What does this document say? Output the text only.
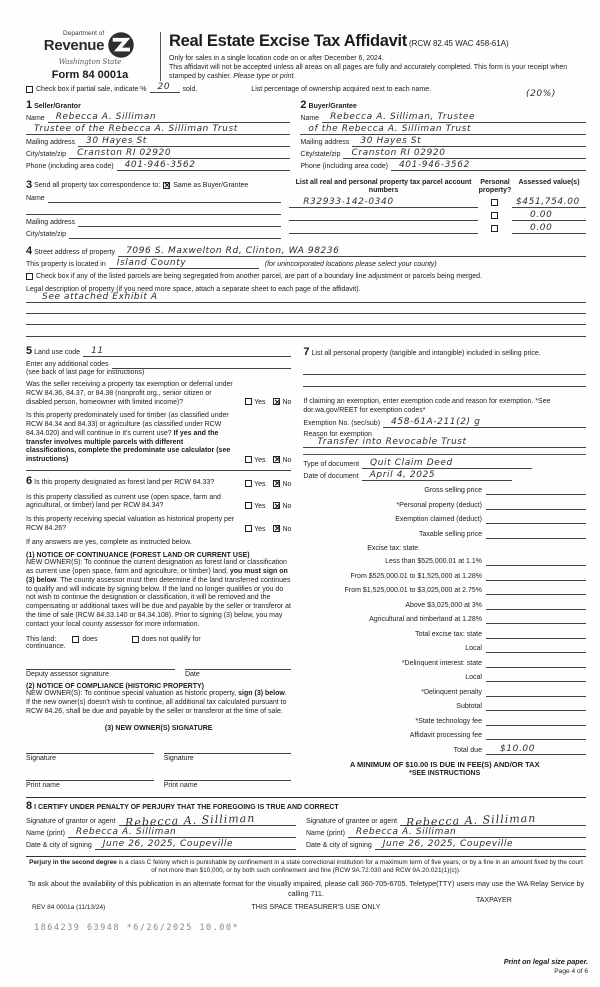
Department of
Revenue
Washington State
Form 84 0001a
Real Estate Excise Tax Affidavit (RCW 82.45 WAC 458-61A)
Only for sales in a single location code on or after December 6, 2024.
This affidavit will not be accepted unless all areas on all pages are fully and accurately completed. This form is your receipt when stamped by cashier. Please type or print.
Check box if partial sale, indicate % 20 sold.	List percentage of ownership acquired next to each name.
1 Seller/Grantor
Name Rebecca A. Silliman
Trustee of the Rebecca A. Silliman Trust
Mailing address 30 Hayes St
City/state/zip Cranston RI 02920
Phone (including area code) 401-946-3562
(20%)
2 Buyer/Grantee
Name Rebecca A. Silliman, Trustee
of the Rebecca A. Silliman Trust
Mailing address 30 Hayes St
City/state/zip Cranston RI 02920
Phone (including area code) 401-946-3562
3 Send all property tax correspondence to: ✕ Same as Buyer/Grantee
Name
Mailing address
City/state/zip
List all real and personal property tax parcel account numbers
Personal property?
Assessed value(s)
R32933-142-0340	$451,754.00
0.00
0.00
4 Street address of property 7096 S. Maxwelton Rd, Clinton, WA 98236
This property is located in Island County	(for unincorporated locations please select your county)
Check box if any of the listed parcels are being segregated from another parcel, are part of a boundary line adjustment or parcels being merged.
Legal description of property (if you need more space, attach a separate sheet to each page of the affidavit).
See attached Exhibit A
5 Land use code 11
Enter any additional codes
(see back of last page for instructions)
Was the seller receiving a property tax exemption or deferral under RCW 84.36, 84.37, or 84.38 (nonprofit org., senior citizen or disabled person, homeowner with limited income)?	Yes ✕ No
Is this property predominately used for timber (as classified under RCW 84.34 and 84.33) or agriculture (as classified under RCW 84.34.020) and will continue in it's current use? If yes and the transfer involves multiple parcels with different classifications, complete the predominate use calculator (see instructions)	Yes ✕ No
6 Is this property designated as forest land per RCW 84.33?	Yes ✕ No
Is this property classified as current use (open space, farm and agricultural, or timber) land per RCW 84.34?	Yes ✕ No
Is this property receiving special valuation as historical property per RCW 84.26?	Yes ✕ No
If any answers are yes, complete as instructed below.
(1) NOTICE OF CONTINUANCE (FOREST LAND OR CURRENT USE)
NEW OWNER(S): To continue the current designation as forest land or classification as current use (open space, farm and agriculture, or timber) land, you must sign on (3) below. The county assessor must then determine if the land transferred continues to qualify and will indicate by signing below. If the land no longer qualifies or you do not wish to continue the designation or classification, it will be removed and the compensating or additional taxes will be due and payable by the seller or transferor at the time of sale (RCW 84.33.140 or 84.34.108). Prior to signing (3) below, you may contact your local county assessor for more information.
This land:	does	does not qualify for
continuance.
Deputy assessor signature	Date
(2) NOTICE OF COMPLIANCE (HISTORIC PROPERTY)
NEW OWNER(S): To continue special valuation as historic property, sign (3) below. If the new owner(s) doesn't wish to continue, all additional tax calculated pursuant to RCW 84.26, shall be due and payable by the seller or transferor at the time of sale.
(3) NEW OWNER(S) SIGNATURE
Signature	Signature
Print name	Print name
7 List all personal property (tangible and intangible) included in selling price.
If claiming an exemption, enter exemption code and reason for exemption. *See dor.wa.gov/REET for exemption codes*
Exemption No. (sec/sub) 458-61A-211(2) g
Reason for exemption
Transfer into Revocable Trust
Type of document Quit Claim Deed
Date of document April 4, 2025
Gross selling price
*Personal property (deduct)
Exemption claimed (deduct)
Taxable selling price
Excise tax: state
Less than $525,000.01 at 1.1%
From $525,000.01 to $1,525,000 at 1.28%
From $1,525,000.01 to $3,025,000 at 2.75%
Above $3,025,000 at 3%
Agricultural and timberland at 1.28%
Total excise tax: state
Local
*Delinquent interest: state
Local
*Delinquent penalty
Subtotal
*State technology fee
Affidavit processing fee
Total due $10.00
A MINIMUM OF $10.00 IS DUE IN FEE(S) AND/OR TAX
*SEE INSTRUCTIONS
8 I CERTIFY UNDER PENALTY OF PERJURY THAT THE FOREGOING IS TRUE AND CORRECT
Signature of grantor or agent Rebecca A. Silliman
Name (print) Rebecca A. Silliman
Date & city of signing June 26, 2025, Coupeville
Signature of grantee or agent Rebecca A. Silliman
Name (print) Rebecca A. Silliman
Date & city of signing June 26, 2025, Coupeville
Perjury in the second degree is a class C felony which is punishable by confinement in a state correctional institution for a maximum term of five years, or by a fine in an amount fixed by the court of not more than $10,000, or by both such confinement and fine (RCW 9A.72.030 and RCW 9A.20.021(1)(c)).
To ask about the availability of this publication in an alternate format for the visually impaired, please call 360-705-6705. Teletype(TTY) users may use the WA Relay Service by calling 711.
REV 84 0001a (11/13/24)	THIS SPACE TREASURER'S USE ONLY
TAXPAYER
1864239 63948 *6/26/2025 10.00*
Print on legal size paper.
Page 4 of 6
